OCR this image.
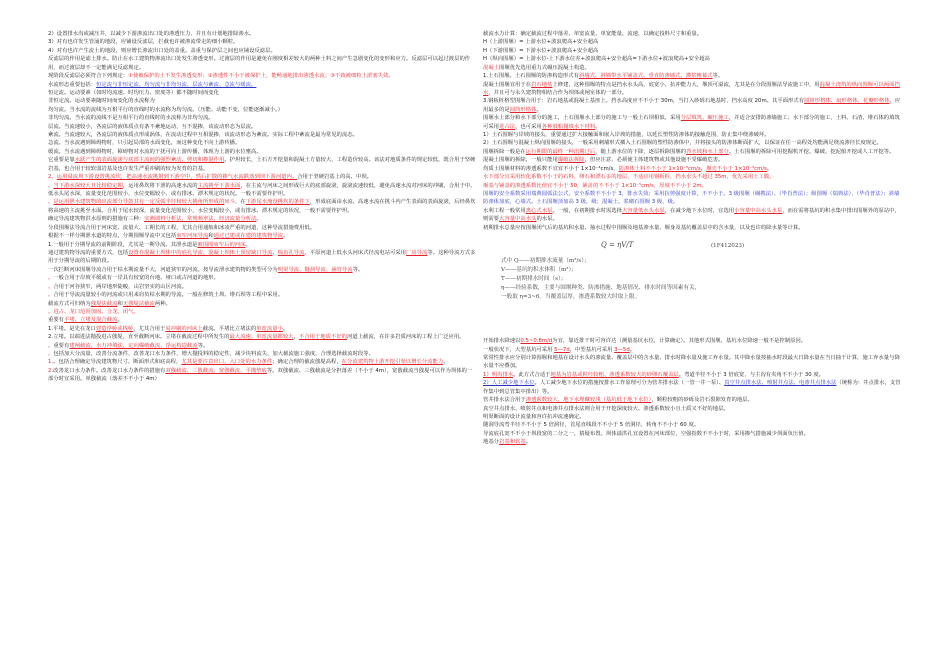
2）设置排水沟或减压井，以减少下游渗流出口处的渗透压力，并且有计划地排除渗水。

3）对有也许发生管涌的地段，应铺设反滤层，拦截也许被渗流带走的细小颗粒。

4）对有也许产生流土的地段，则应增长渗流出口处的盖重。盖重与保护层之间也应铺设反滤层。

反滤层的作用是滤土排水。防止在水工建筑物渗流出口处发生渗透变形。过渡层的作用是避免在刚度相差较大的两种土料之间产生急剧变化的变形和应力。反滤层可以起过渡层的作用，而过渡层却不一定能满足反滤规定。

现阶段反滤层必须符合下列规定：①使被保护的土不发生渗透变形；②渗透性不小于被保护土，能畅通地排出渗透水流；③不致被细粒土淤塞失效。

水流形态重要包括：恒定流与非恒定流、均匀流与非均匀流、层流与紊流、急流与缓流。

恒定流。运动要素（如时均流速、时均压力、密度等）都不随时间而变化

非恒定流。运动要素随时间而变化的水流称为

均匀流。当水流的流线为互相平行的直线时的水流称为均匀流。（压能、动能不变，位能逐渐减小。）

非均匀流。当水流的流线不是互相平行的直线时的水流称为非均匀流。

层流。当流速较小，各流层的液体质点有条不紊地运动，互不混掺，该流动形态为层流。

紊流。当流速较大，各流层的液体质点形成涡体，在流动过程中互相混掺，该流动形态为紊流。实际工程中紊流是最为常见的流态。

急流。当水流遇到障碍物时，只引起局部的水面变化，而这种变化不向上游传播。

缓流。当水流遇到障碍物时，障碍物对水流的干扰可向上游传播，体现为上游的水位壅高。

它重要是靠水跃产生的表面旋滚与底部主流间的强烈紊动、剪切和掺混作用。护坦较长，土石方开挖量和混凝土方量较大，工程造价较高。该法对地质条件的规定较低，既合用于坚硬岩基，也合用于较软弱岩基及也许发生严重冲刷的较为发育的岩基。

2。运用溢流坝下游设置挑流坎，把高速水流挑射到下游空中，然后扩散的掺气水流跌落到坝下游河道内。合用于坚硬岩基上的高、中坝。

。当下游水深较大且比较稳定期，运用鼻坎将下泄的高速水流的主流挑至下游水面，在主流与河床之间形成巨大的底部旋滚，旋滚流速较低，避免高速水流对河床的冲刷。合用于中、低水头尾水深，流量变化范围较小，水位变幅较小，或有排冰、漂木规定的状况。一般不需要作护坦。

。是运用泄水建筑物的出流部分导鼓其有一定反弧半径和较大挑角所形成的戽斗，在下游尾水淹没挑坎的条件下，形成底面由水流、高速水流在挑斗内产生表面的表面旋滚，后经鼻坎将高速的主流挑至水面。合用于尾水较深，流量变化范围较小，水位变幅较小，或有排冰、漂木规定的状况，一般不需要作护坦。

确定导流建筑物洪水原则的措施有三种：实测调料分析法、常规频率法、经济流量分析法。

分段围堰法导流合用于河床宽、流量大、工期长的工程，尤其合用通航和冰凌严重的河道，这种导流措施费用低。

根据不一样分期泄水道的特点，分期围堰导流中又包括束窄河床导流和通过已建或在建的建筑物导流。

1.一般用于分期导流的前期阶段，尤其是一期导流。其泄水道是被围围束窄后的河床。

通过建筑物导流的重要方式，包括设置在混凝土坝体中的底孔导流、混凝土坝体上预留缺口导流、梳齿孔导流，平原河道上低水头河床式径流电站可采用厂房导流等。这种导流方式多用于分期导流的后期阶段。

一次拦断河床围堰导流合用于枯水期流量不大，河道狭窄的河流。按导流泄水建筑物的类型可分为明渠导流、隧洞导流、涵管导流等。

。一般合用于岸坡平缓或有一岸具有较宽的台地、垭口或古河道的地形。

。合用于河谷狭窄，两岸地形陡峻，山岩坚实的山区河流。

。合用于导流流量较小的河流或只用来肩负枯水期的导流。一般在修筑土坝、堆石坝等工程中采用。

截流方式可归纳为戗堤法截流和无戗堤法截流两种。

。进占、龙口范围加固、合龙、闭气。

重要有平堵、立堵及混合截流。

1.平堵。是先在龙口建造浮桥或栈桥，尤其合用于易冲刷的河床上截流。平堵比立堵法的单宽流量小。

2.立堵。以端进法抛投进占戗堤，直至截断河床。立堵在截流过程中所发生的最大流速、单宽流量都较大，不合用于地质不好的河道上截流，在许多岩质河床的工程上广泛应用。

。重要有建闸截流、水力冲填法、定向爆破截流、浮运构造截流等。

。包括加大分流量，改善分流条件，改善龙口水力条件，增大抛投料的稳定性，减少块料流失，加大截流施工强度，合理选择截流时段等。

1.。包括合理确定导流建筑物尺寸、断面形式和底高程，尤其是要注意出口、入口处的水力条件；确定合理的截流戗堤高程，在分流建筑物上游开挖引渠以增长分流能力。

2.改善龙口水力条件。改善龙口水力条件的措施有双戗截流、三戗截流、宽戗截流、平抛垫底等。双戗截流、三戗截流是分担落差（不小于 4m），宽戗截流当戗堤可以作为坝体的一部分时宜采用。单戗截流（落差不不小于 4m）

截流水力计算：确定截流过程中落差、单宽流量、单宽能量、流速，以确定投料尺寸和重量。

H（上游围堰）= 上游水位+波浪爬高+安全超高

H（下游围堰）= 下游水位+波浪爬高+安全超高

H（纵向围堰）= 上游水位-上下游水位差+波浪爬高+安全超高=下游水位+波浪爬高+安全超高

混凝土围堰优先选用重力式碾压混凝土构造。

1.土石围堰。土石围堰的防渗构造形式有斜墙式、斜墙带水平铺盖式、垂直防渗墙式、灌浆帷幕式等。

混凝土围堰宜用于在岩石地基上修建，这种围堰的特点是挡水水头高，底宽小，抗冲能力大，堰顶可溢流，尤其是在分段围堰法导流施工中，用混凝土浇筑的纵向围堰可以两面挡水，并且可与永久建筑物相结合作为坝体或闸室体的一部分。

3.钢板桩格型围堰合用于：岩石地基或混凝土基座上。挡水高度应不不小于 30m，当打入砂砾石地基时，挡水高度 20m。其平面形式有圆筒形格体、扇形格体、花瓣形格体，应用最多的是圆筒形格体。

围堰水上部分和水下部分的施工，土石围堰水上部分的施工与一般土石坝相似，采用分层填筑、碾压施工，并适合安排防渗墙施工；水下部分的施工，土料、石渣、堆石体的填筑可采用进占法，也可采用各种驳船抛填水下材料。

1）土石围堰与岸坡的接头，重要通过扩大接触面和嵌入岸坡的措施，以延长塑性防渗体的接触范围，防止集中绕渗破坏。

2）土石围堰与混凝土纵向围堰的接头，一般采用刺墙形式插入土石围堰的塑性防渗体中，并将接头的防渗体断面扩大，以保证在任一高程处均能满足绕流渗径长度规定。

围堰拆除一般是在运行期限的最终一种汛期过后，随上游水位的下降，逐层拆除围堰的背水坡和水上部分。土石围堰的拆除可用挖掘机开挖、爆破、挖泥船开挖或人工开挖等。

混凝土围堰的拆除，一般只能用爆破法拆除，但应注意，必须使主体建筑物或其他设施不受爆破危害。

均质土围堰材料的渗透系数不宜宜不小于 1×10⁻⁴cm/s，防渗体土料不不小于 1×10⁻⁵cm/s，堰壳不小于 1×10⁻³cm/s。

水下部分宜采用软化系数不小于的石料，卵石和漂石多的地层，不适宜用钢板桩，挡水水头不超过 35m，优先采用土工膜。

堰基与铺盖的渗透系数比值宜不小于 50，铺盖的不不小于 1×10⁻⁵cm/s，厚度不不小于 2m。

围堰的安全系数采用瑞典圆弧法公式，安全系数不不小于 3，排水失效；采用抗剪强度计算，不不小于。3 级围堰（碾携法）、（毕肖普法）；级围堰（瑞典法），（毕肖普法）；斜墙防渗体加底，心墙式。土石围堰顶加高 3 级，级；混凝土、浆砌石围堰 3 级，级。

水利工程一般常用离心式水泵。一般，在初期排水时需选择大容量低水头水泵，在减少地下水位时，宜选用小容量中高水头水泵，而在需将基坑的积水集中排出围堰外的泵站中，则需要大容量中高水头的水泵。

初期排水总量应按围堰闭气后的基坑积水量、抽水过程中围堰及地基渗水量、堰身及基坑覆盖层中的含水量，以及也许的降水量等计算。

Q = ηV/T	(1F412023)
式中 Q——初期排水流量（m³/s）；
V——基坑的积水体积（m³）；
T——初期排水时间（s）；
η——经验系数，主要与围堰种类、防渗措施、地基情况、排水时间等因素有关，
一般取 η=3~6。当覆盖层厚，渗透系数较大时取上限。

开始排水降速以0.5~0.8m/d为宜，靠近排干时可容许达（测量基坑水位，计算确定）。其他形式围堰，基坑水位降速一般不是控制原因。

一般状况下，大型基坑可采用 5—7d，中型基坑可采用 3—5d。

常常性排水应分别计算围堰和地基在设计水头的渗流量、覆盖层中的含水量、排水时降水量及施工弃水量。其中降水量按抽水时段最大日降水量在当日抽干计算，施工弃水量与降水量不应叠加。

1）明沟排水。此方式合适于地基为岩基或粒径较粗、渗透系数较大的砂卵石覆盖层。弯道半径不小于 3 倍底宽，与主沟有夹角不不小于 30 度。

2）人工减少地下水位。人工减少地下水位的措施按排水工作原理可分为管井排水法（一管一井一泵）、真空井点排水法、喷射井点法、电渗井点排水法（统称为：井点排水，支管作集中到总管集中排出）等。

管井排水法合用于渗透系数较大、地下水埋藏较浅（基坑低于地下水位），颗粒较粗的砂砾及岩石裂隙发育的地层。

真空井点排水、喷射井点和电渗井点排水法则合用于开挖深度较大、渗透系数较小且土质又不好的地层。

明渠断面的设计流量和容许抗冲流速确定。

隧洞导流弯半径不不小于 5 倍洞径，首尾直线段不不小于 5 倍洞径，转角不不小于 60 度。

导流底孔宽不不小于坝段宽的二分之一，猜疑布置。坝体溢洪孔宜设置在河床部位，空强指数不不小于时，采用掺气措施减少坝面负压值。

地基分岩基和软基。
